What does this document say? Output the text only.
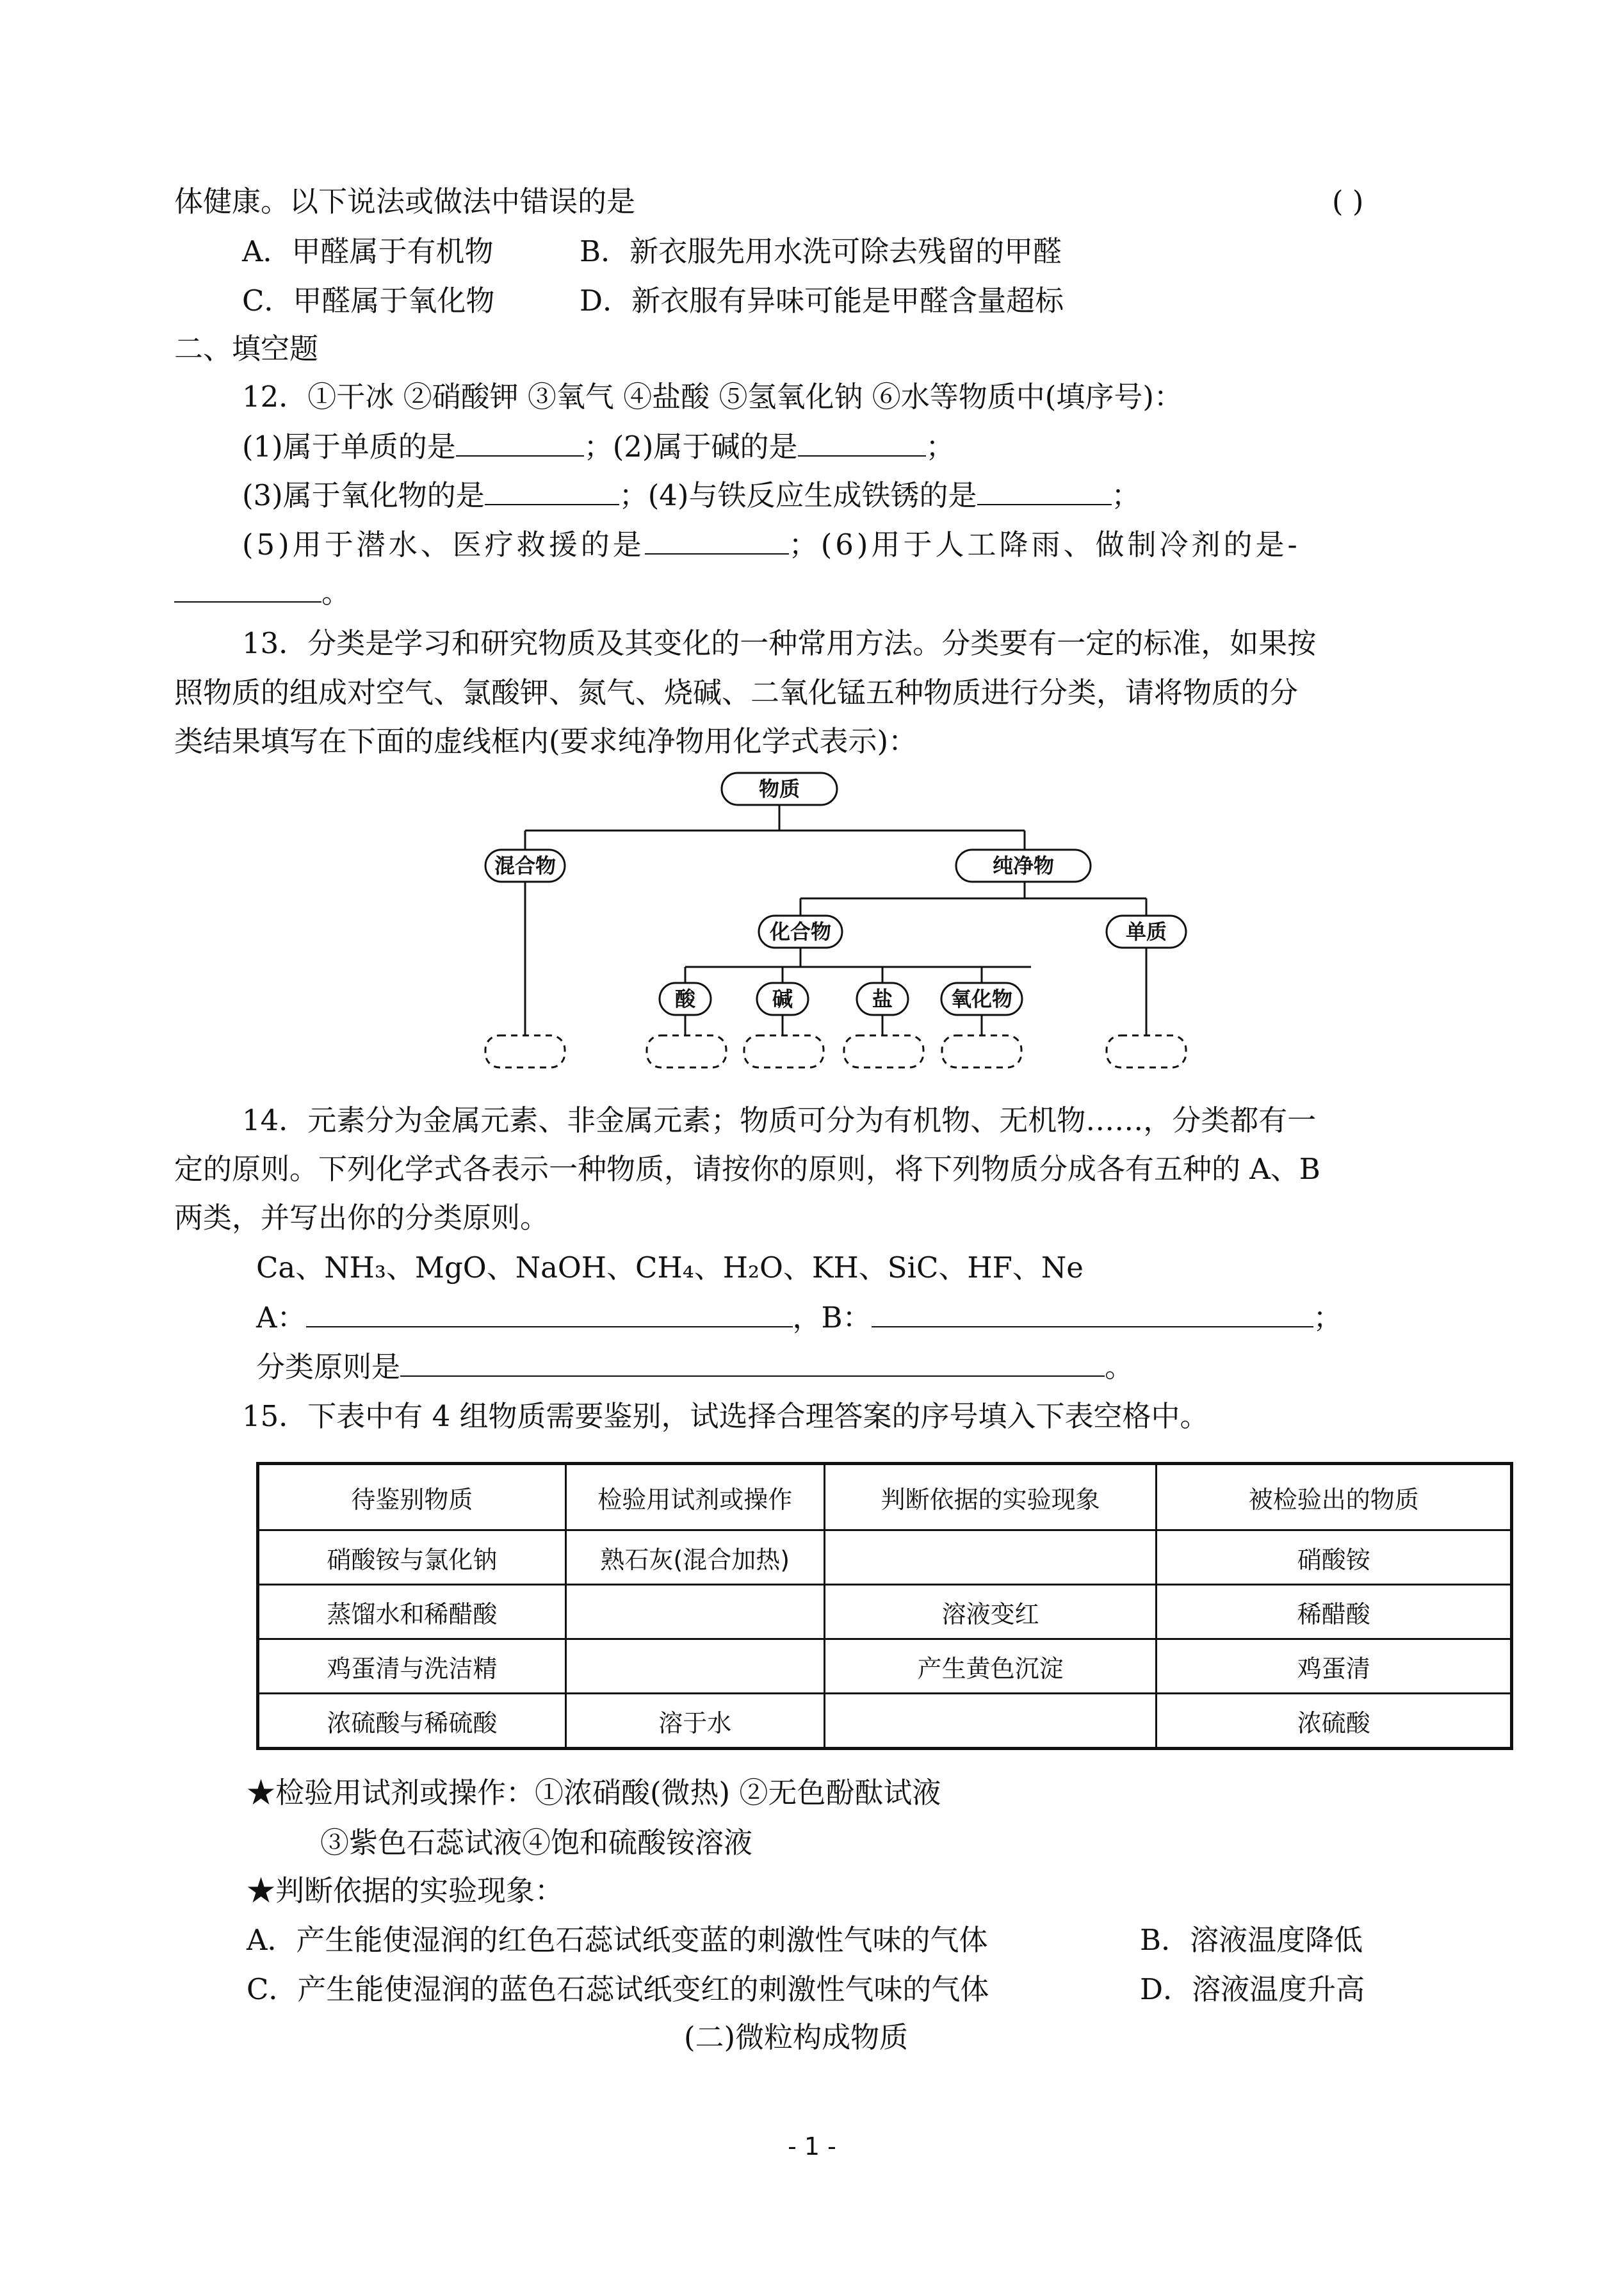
体健康。以下说法或做法中错误的是	( )
A．甲醛属于有机物	B．新衣服先用水洗可除去残留的甲醛
C．甲醛属于氧化物	D．新衣服有异味可能是甲醛含量超标
二、填空题
12．①干冰 ②硝酸钾 ③氧气 ④盐酸 ⑤氢氧化钠 ⑥水等物质中(填序号)：
(1)属于单质的是	；(2)属于碱的是	；
(3)属于氧化物的是	；(4)与铁反应生成铁锈的是	；
(5)用于潜水、医疗救援的是	；(6)用于人工降雨、做制冷剂的是-
。
13．分类是学习和研究物质及其变化的一种常用方法。分类要有一定的标准，如果按
照物质的组成对空气、氯酸钾、氮气、烧碱、二氧化锰五种物质进行分类，请将物质的分
类结果填写在下面的虚线框内(要求纯净物用化学式表示)：
物质
混合物	纯净物
化合物	单质
酸	碱	盐	氧化物
14．元素分为金属元素、非金属元素；物质可分为有机物、无机物……，分类都有一
定的原则。下列化学式各表示一种物质，请按你的原则，将下列物质分成各有五种的 A、B
两类，并写出你的分类原则。
Ca、NH₃、MgO、NaOH、CH₄、H₂O、KH、SiC、HF、Ne
A：	，B：	；
分类原则是	。
15．下表中有 4 组物质需要鉴别，试选择合理答案的序号填入下表空格中。
待鉴别物质	检验用试剂或操作	判断依据的实验现象	被检验出的物质
硝酸铵与氯化钠	熟石灰(混合加热)		硝酸铵
蒸馏水和稀醋酸		溶液变红	稀醋酸
鸡蛋清与洗洁精		产生黄色沉淀	鸡蛋清
浓硫酸与稀硫酸	溶于水		浓硫酸
★检验用试剂或操作：①浓硝酸(微热) ②无色酚酞试液
③紫色石蕊试液④饱和硫酸铵溶液
★判断依据的实验现象：
A．产生能使湿润的红色石蕊试纸变蓝的刺激性气味的气体	B．溶液温度降低
C．产生能使湿润的蓝色石蕊试纸变红的刺激性气味的气体	D．溶液温度升高
(二)微粒构成物质
- 1 -
